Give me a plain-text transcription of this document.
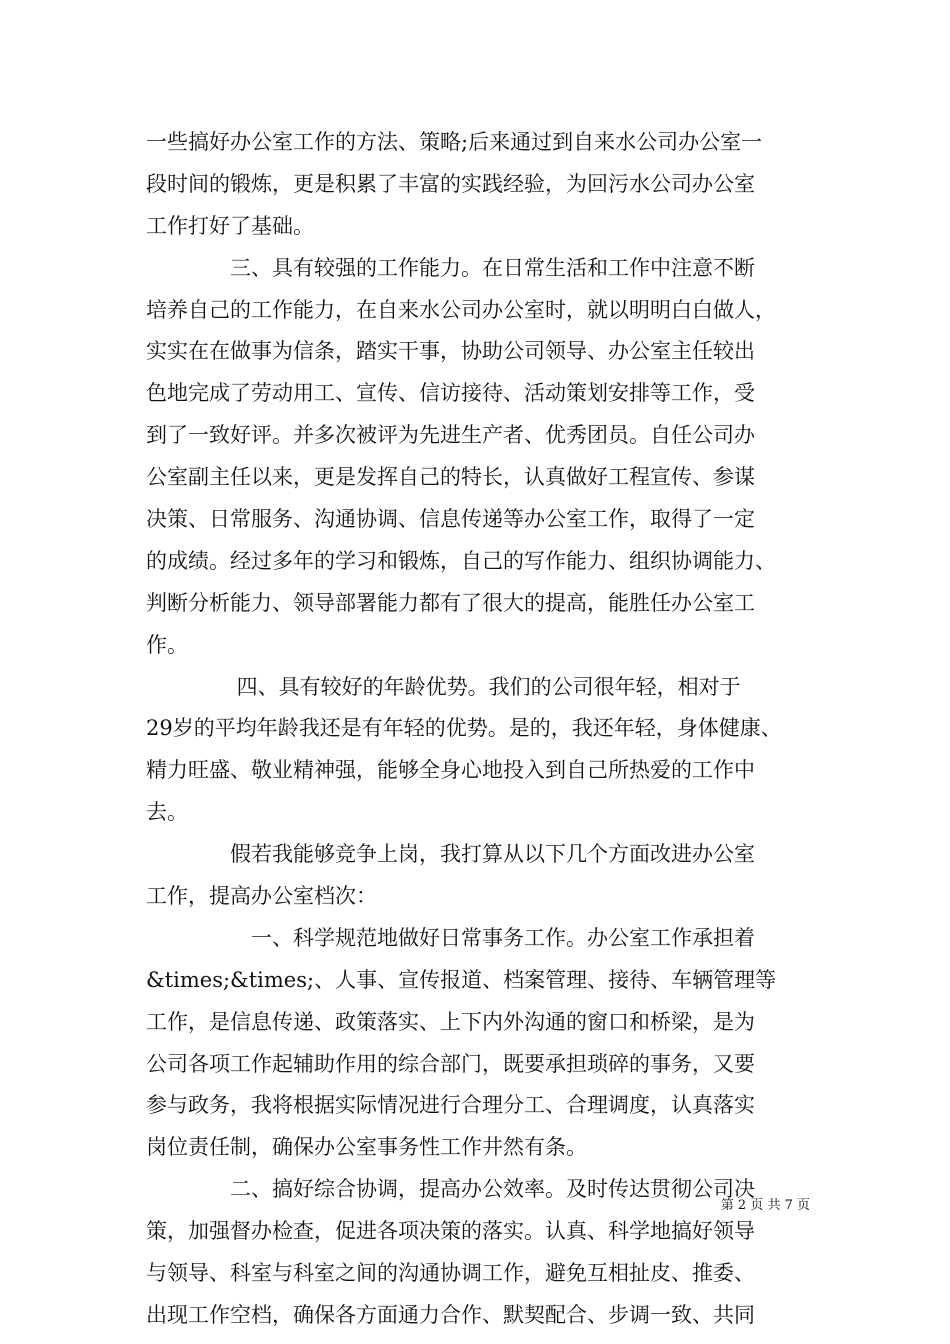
一些搞好办公室工作的方法、策略;后来通过到自来水公司办公室一
段时间的锻炼，更是积累了丰富的实践经验，为回污水公司办公室
工作打好了基础。
　　　　三、具有较强的工作能力。在日常生活和工作中注意不断
培养自己的工作能力，在自来水公司办公室时，就以明明白白做人，
实实在在做事为信条，踏实干事，协助公司领导、办公室主任较出
色地完成了劳动用工、宣传、信访接待、活动策划安排等工作，受
到了一致好评。并多次被评为先进生产者、优秀团员。自任公司办
公室副主任以来，更是发挥自己的特长，认真做好工程宣传、参谋
决策、日常服务、沟通协调、信息传递等办公室工作，取得了一定
的成绩。经过多年的学习和锻炼，自己的写作能力、组织协调能力、
判断分析能力、领导部署能力都有了很大的提高，能胜任办公室工
作。
　　　　 四、具有较好的年龄优势。我们的公司很年轻，相对于
29岁的平均年龄我还是有年轻的优势。是的，我还年轻，身体健康、
精力旺盛、敬业精神强，能够全身心地投入到自己所热爱的工作中
去。
　　　　假若我能够竞争上岗，我打算从以下几个方面改进办公室
工作，提高办公室档次：
　　　　　一、科学规范地做好日常事务工作。办公室工作承担着
&times;&times;、人事、宣传报道、档案管理、接待、车辆管理等
工作，是信息传递、政策落实、上下内外沟通的窗口和桥梁，是为
公司各项工作起辅助作用的综合部门，既要承担琐碎的事务，又要
参与政务，我将根据实际情况进行合理分工、合理调度，认真落实
岗位责任制，确保办公室事务性工作井然有条。
　　　　二、搞好综合协调，提高办公效率。及时传达贯彻公司决
策，加强督办检查，促进各项决策的落实。认真、科学地搞好领导
与领导、科室与科室之间的沟通协调工作，避免互相扯皮、推委、
出现工作空档，确保各方面通力合作、默契配合、步调一致、共同
第 2 页 共 7 页
